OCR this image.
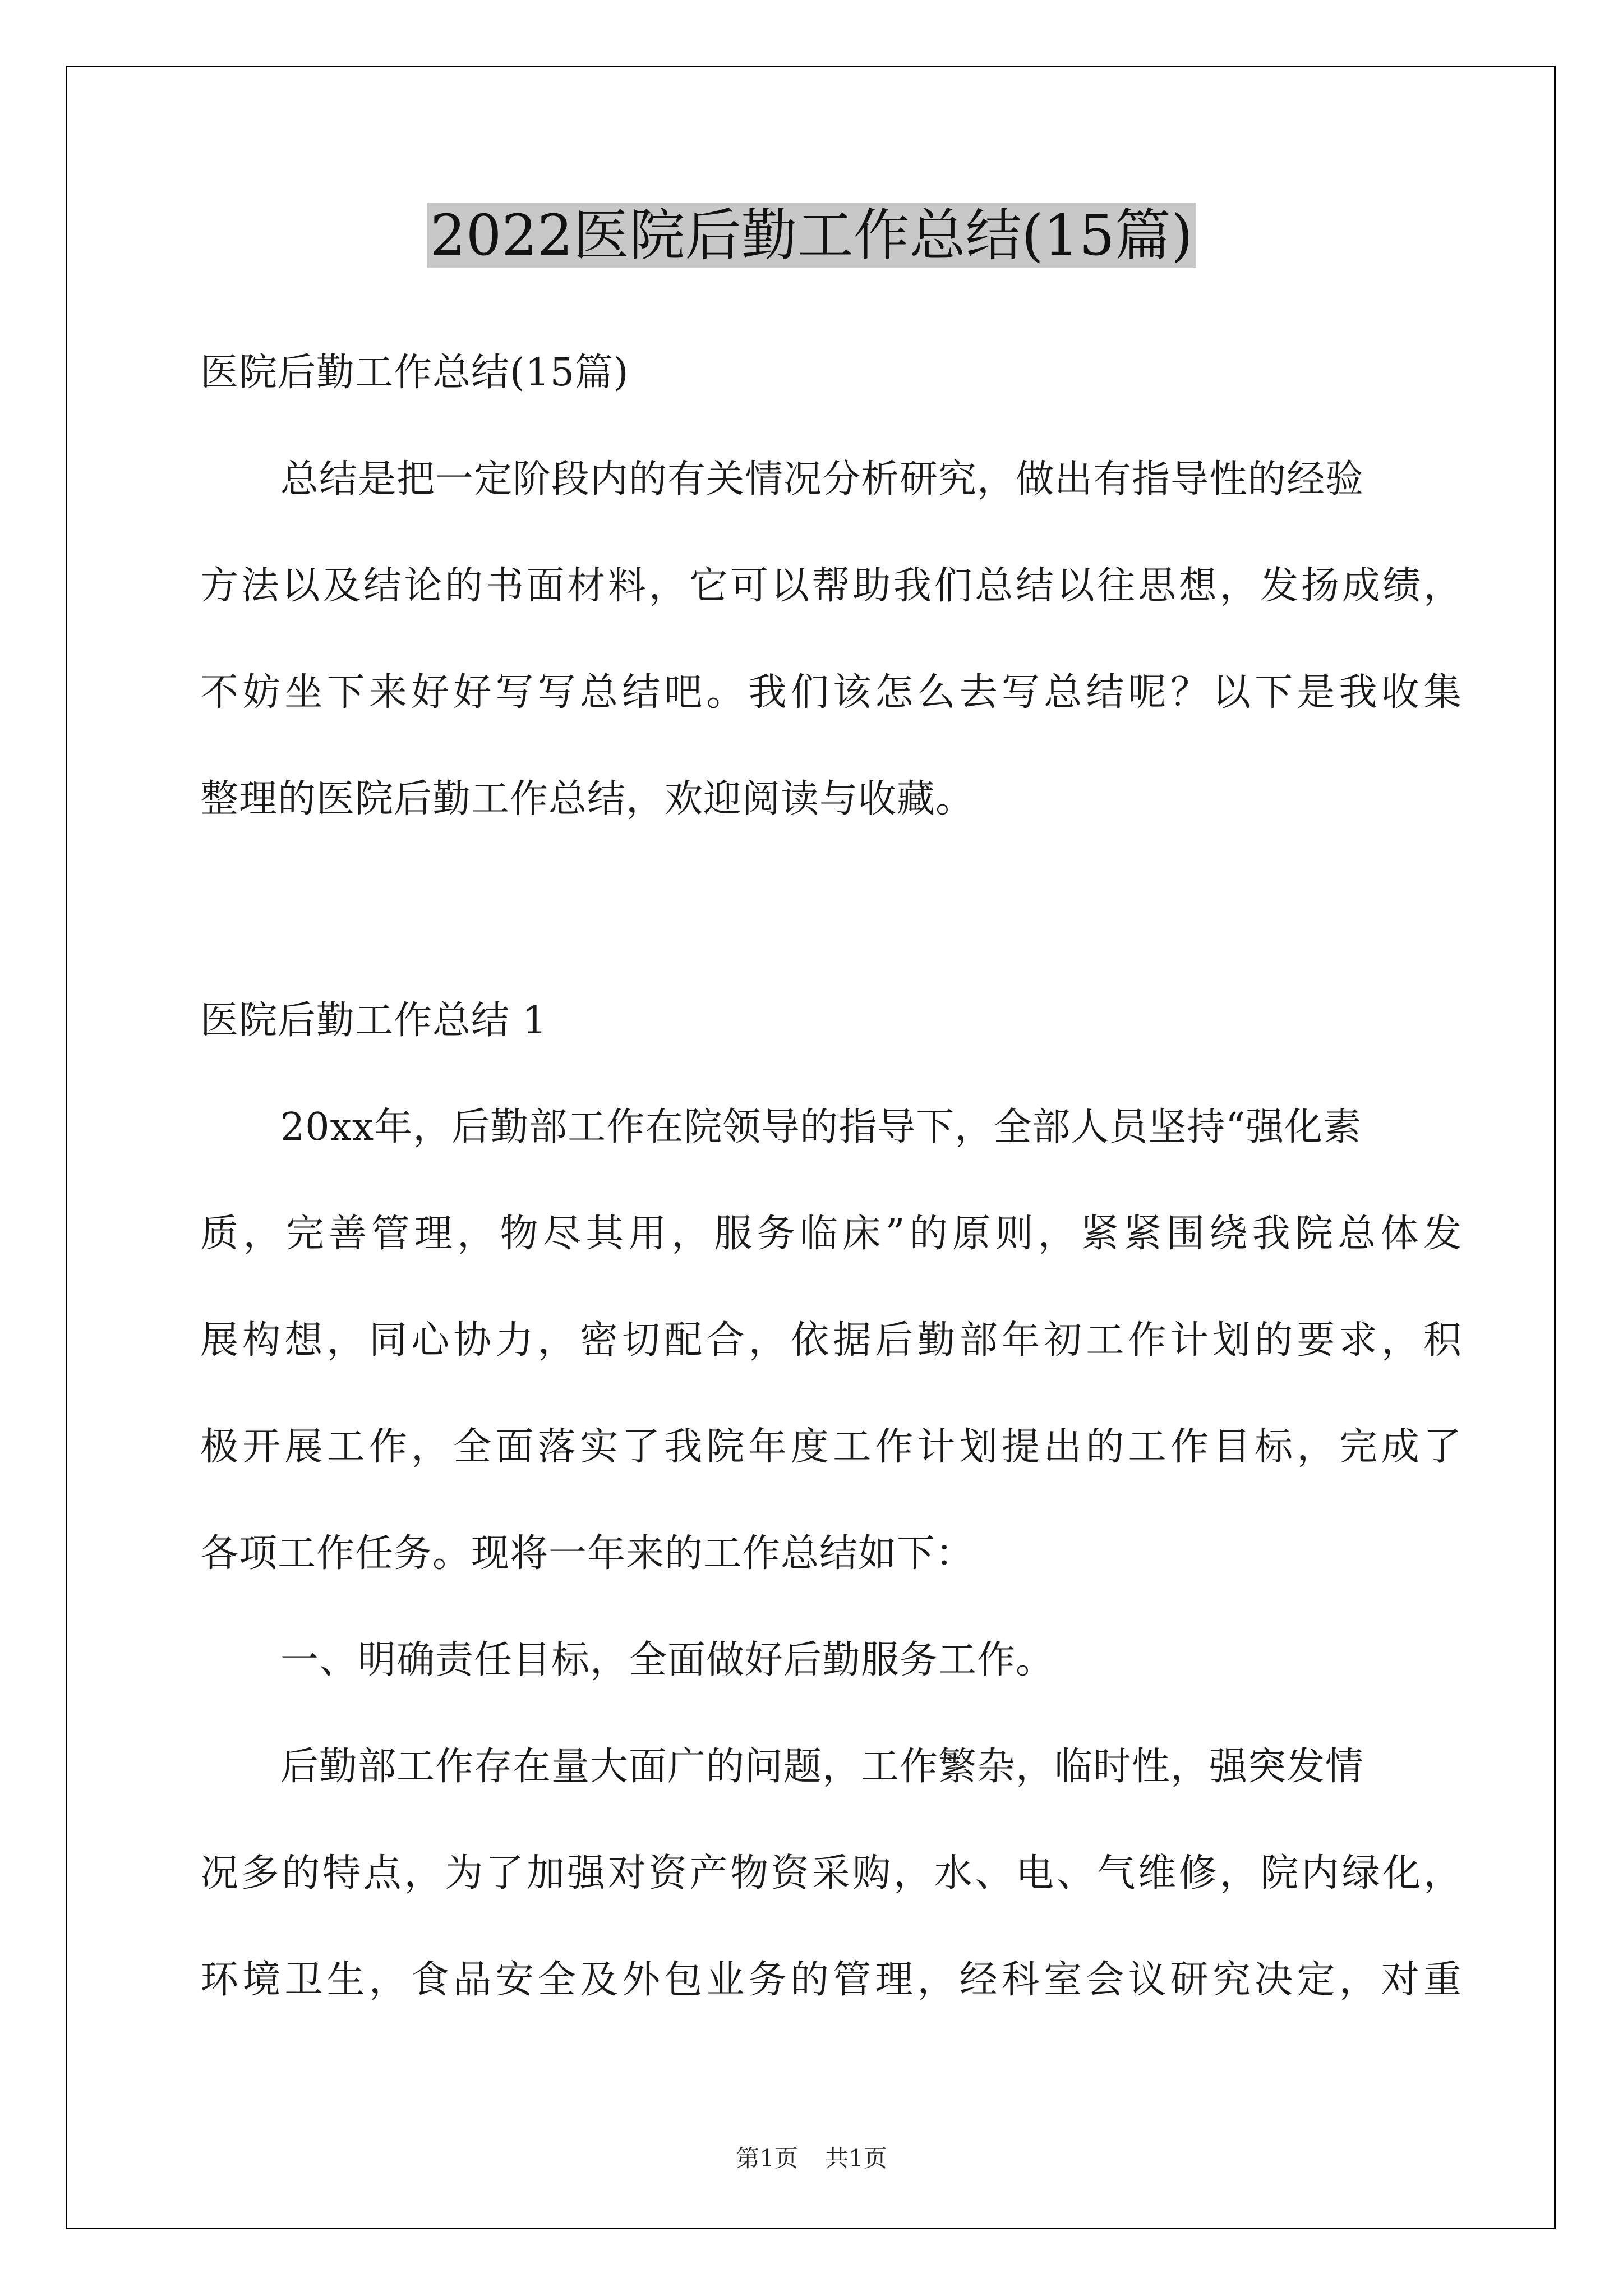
2022医院后勤工作总结(15篇)
医院后勤工作总结(15篇)
总结是把一定阶段内的有关情况分析研究，做出有指导性的经验
方法以及结论的书面材料，它可以帮助我们总结以往思想，发扬成绩，
不妨坐下来好好写写总结吧。我们该怎么去写总结呢？以下是我收集
整理的医院后勤工作总结，欢迎阅读与收藏。
医院后勤工作总结 1
20xx年，后勤部工作在院领导的指导下，全部人员坚持“强化素
质，完善管理，物尽其用，服务临床”的原则，紧紧围绕我院总体发
展构想，同心协力，密切配合，依据后勤部年初工作计划的要求，积
极开展工作，全面落实了我院年度工作计划提出的工作目标，完成了
各项工作任务。现将一年来的工作总结如下：
一、明确责任目标，全面做好后勤服务工作。
后勤部工作存在量大面广的问题，工作繁杂，临时性，强突发情
况多的特点，为了加强对资产物资采购，水、电、气维修，院内绿化，
环境卫生，食品安全及外包业务的管理，经科室会议研究决定，对重
第1页 共1页
